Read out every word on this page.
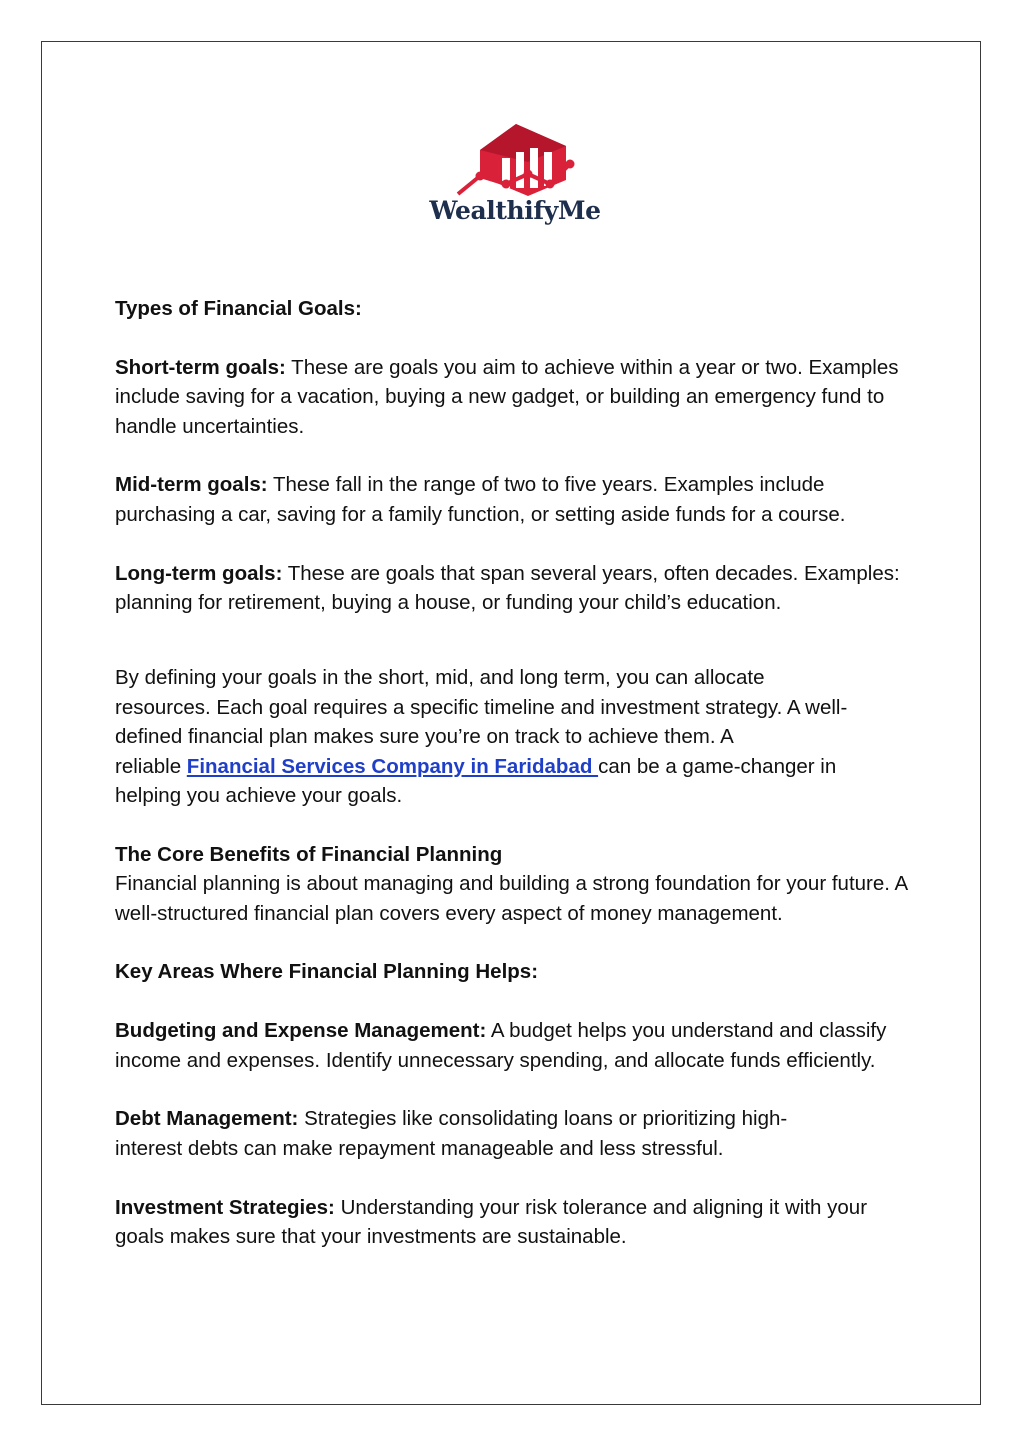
WealthifyMe

Types of Financial Goals:

Short-term goals: These are goals you aim to achieve within a year or two. Examples include saving for a vacation, buying a new gadget, or building an emergency fund to handle uncertainties.

Mid-term goals: These fall in the range of two to five years. Examples include purchasing a car, saving for a family function, or setting aside funds for a course.

Long-term goals: These are goals that span several years, often decades. Examples: planning for retirement, buying a house, or funding your child’s education.

By defining your goals in the short, mid, and long term, you can allocate
resources. Each goal requires a specific timeline and investment strategy. A well-
defined financial plan makes sure you’re on track to achieve them. A
reliable Financial Services Company in Faridabad can be a game-changer in
helping you achieve your goals.

The Core Benefits of Financial Planning

Financial planning is about managing and building a strong foundation for your future. A well-structured financial plan covers every aspect of money management.

Key Areas Where Financial Planning Helps:

Budgeting and Expense Management: A budget helps you understand and classify income and expenses. Identify unnecessary spending, and allocate funds efficiently.

Debt Management: Strategies like consolidating loans or prioritizing high-
interest debts can make repayment manageable and less stressful.

Investment Strategies: Understanding your risk tolerance and aligning it with your goals makes sure that your investments are sustainable.
